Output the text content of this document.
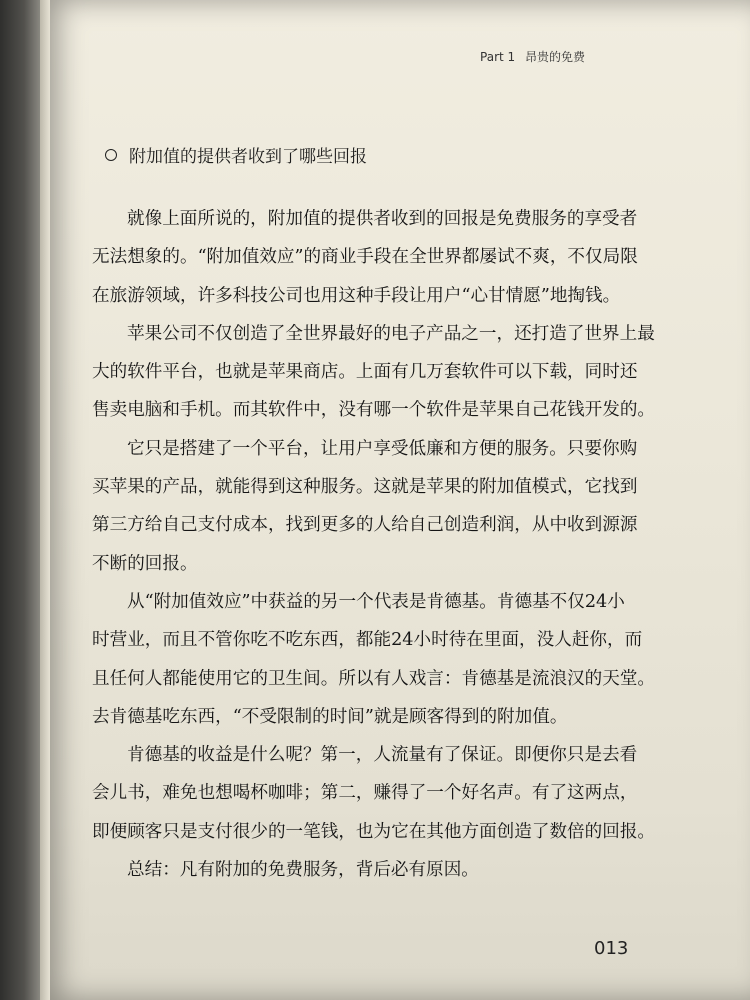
Part 1 昂贵的免费
附加值的提供者收到了哪些回报
就像上面所说的，附加值的提供者收到的回报是免费服务的享受者
无法想象的。“附加值效应”的商业手段在全世界都屡试不爽，不仅局限
在旅游领域，许多科技公司也用这种手段让用户“心甘情愿”地掏钱。
苹果公司不仅创造了全世界最好的电子产品之一，还打造了世界上最
大的软件平台，也就是苹果商店。上面有几万套软件可以下载，同时还
售卖电脑和手机。而其软件中，没有哪一个软件是苹果自己花钱开发的。
它只是搭建了一个平台，让用户享受低廉和方便的服务。只要你购
买苹果的产品，就能得到这种服务。这就是苹果的附加值模式，它找到
第三方给自己支付成本，找到更多的人给自己创造利润，从中收到源源
不断的回报。
从“附加值效应”中获益的另一个代表是肯德基。肯德基不仅24小
时营业，而且不管你吃不吃东西，都能24小时待在里面，没人赶你，而
且任何人都能使用它的卫生间。所以有人戏言：肯德基是流浪汉的天堂。
去肯德基吃东西，“不受限制的时间”就是顾客得到的附加值。
肯德基的收益是什么呢？第一，人流量有了保证。即便你只是去看
会儿书，难免也想喝杯咖啡；第二，赚得了一个好名声。有了这两点，
即便顾客只是支付很少的一笔钱，也为它在其他方面创造了数倍的回报。
总结：凡有附加的免费服务，背后必有原因。
013
